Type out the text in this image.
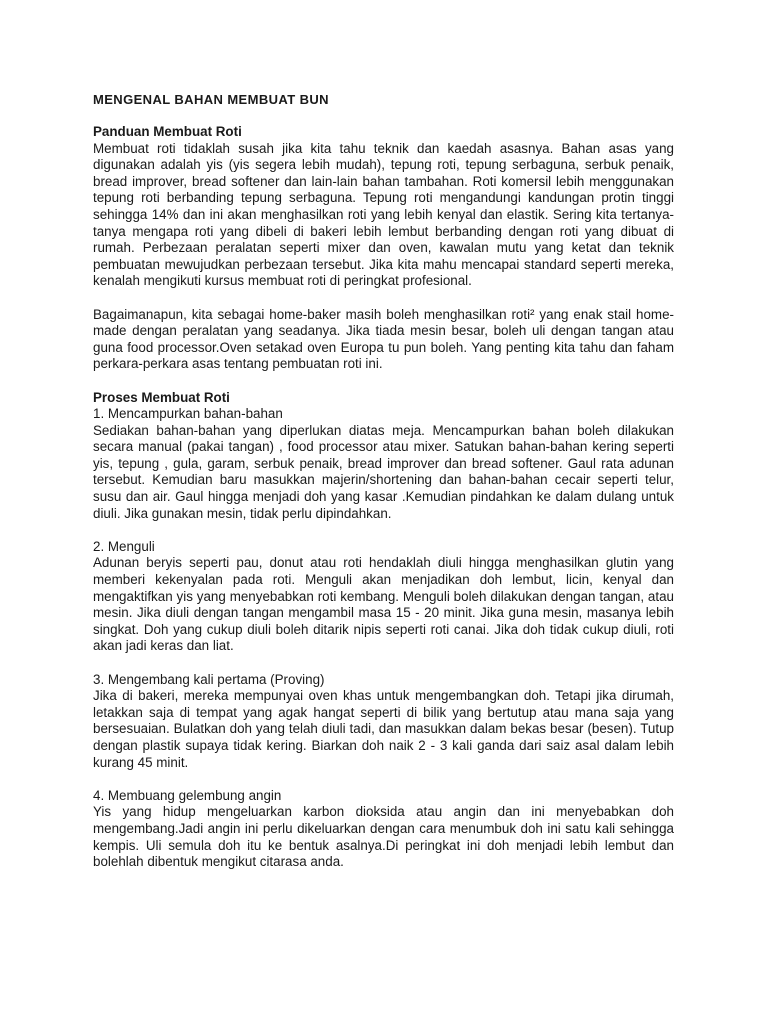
MENGENAL BAHAN MEMBUAT BUN
Panduan Membuat Roti

Membuat roti tidaklah susah jika kita tahu teknik dan kaedah asasnya. Bahan asas yang digunakan adalah yis (yis segera lebih mudah), tepung roti, tepung serbaguna, serbuk penaik, bread improver, bread softener dan lain-lain bahan tambahan. Roti komersil lebih menggunakan tepung roti berbanding tepung serbaguna. Tepung roti mengandungi kandungan protin tinggi sehingga 14% dan ini akan menghasilkan roti yang lebih kenyal dan elastik. Sering kita tertanya-tanya mengapa roti yang dibeli di bakeri lebih lembut berbanding dengan roti yang dibuat di rumah. Perbezaan peralatan seperti mixer dan oven, kawalan mutu yang ketat dan teknik pembuatan mewujudkan perbezaan tersebut. Jika kita mahu mencapai standard seperti mereka, kenalah mengikuti kursus membuat roti di peringkat profesional.

Bagaimanapun, kita sebagai home-baker masih boleh menghasilkan roti² yang enak stail home-made dengan peralatan yang seadanya. Jika tiada mesin besar, boleh uli dengan tangan atau guna food processor.Oven setakad oven Europa tu pun boleh. Yang penting kita tahu dan faham perkara-perkara asas tentang pembuatan roti ini.

Proses Membuat Roti
1. Mencampurkan bahan-bahan

Sediakan bahan-bahan yang diperlukan diatas meja. Mencampurkan bahan boleh dilakukan secara manual (pakai tangan) , food processor atau mixer. Satukan bahan-bahan kering seperti yis, tepung , gula, garam, serbuk penaik, bread improver dan bread softener. Gaul rata adunan tersebut. Kemudian baru masukkan majerin/shortening dan bahan-bahan cecair seperti telur, susu dan air. Gaul hingga menjadi doh yang kasar .Kemudian pindahkan ke dalam dulang untuk diuli. Jika gunakan mesin, tidak perlu dipindahkan.

2. Menguli

Adunan beryis seperti pau, donut atau roti hendaklah diuli hingga menghasilkan glutin yang memberi kekenyalan pada roti. Menguli akan menjadikan doh lembut, licin, kenyal dan mengaktifkan yis yang menyebabkan roti kembang. Menguli boleh dilakukan dengan tangan, atau mesin. Jika diuli dengan tangan mengambil masa 15 - 20 minit. Jika guna mesin, masanya lebih singkat. Doh yang cukup diuli boleh ditarik nipis seperti roti canai. Jika doh tidak cukup diuli, roti akan jadi keras dan liat.

3. Mengembang kali pertama (Proving)

Jika di bakeri, mereka mempunyai oven khas untuk mengembangkan doh. Tetapi jika dirumah, letakkan saja di tempat yang agak hangat seperti di bilik yang bertutup atau mana saja yang bersesuaian. Bulatkan doh yang telah diuli tadi, dan masukkan dalam bekas besar (besen). Tutup dengan plastik supaya tidak kering. Biarkan doh naik 2 - 3 kali ganda dari saiz asal dalam lebih kurang 45 minit.

4. Membuang gelembung angin

Yis yang hidup mengeluarkan karbon dioksida atau angin dan ini menyebabkan doh mengembang.Jadi angin ini perlu dikeluarkan dengan cara menumbuk doh ini satu kali sehingga kempis. Uli semula doh itu ke bentuk asalnya.Di peringkat ini doh menjadi lebih lembut dan bolehlah dibentuk mengikut citarasa anda.
